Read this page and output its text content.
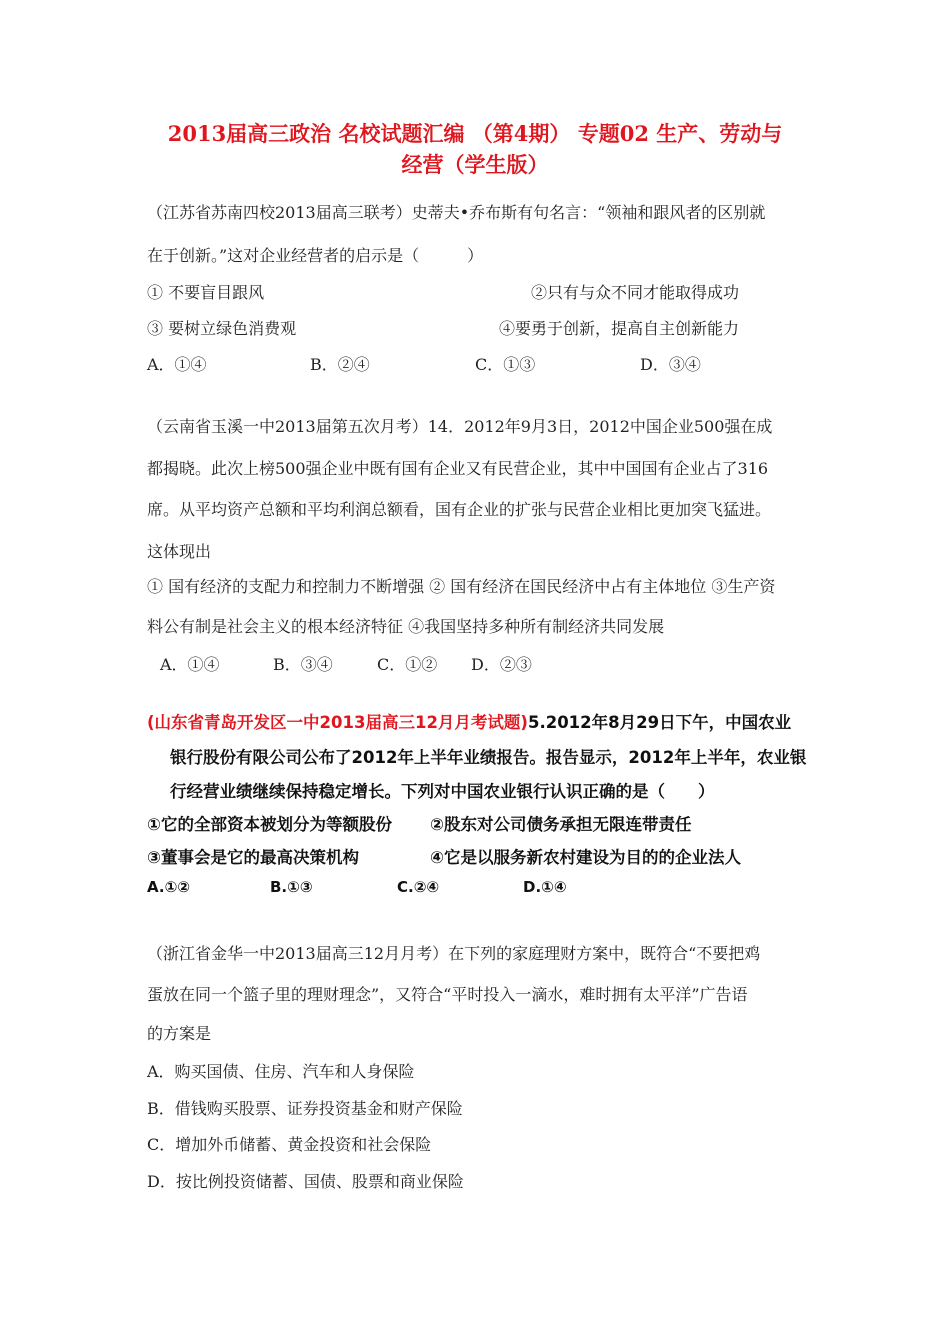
2013届高三政治 名校试题汇编 （第4期） 专题02 生产、劳动与
经营（学生版）
（江苏省苏南四校2013届高三联考）史蒂夫•乔布斯有句名言：“领袖和跟风者的区别就
在于创新。”这对企业经营者的启示是（　　　）
① 不要盲目跟风	②只有与众不同才能取得成功
③ 要树立绿色消费观	④要勇于创新，提高自主创新能力
A．①④	B．②④	C．①③	D．③④
（云南省玉溪一中2013届第五次月考）14．2012年9月3日，2012中国企业500强在成
都揭晓。此次上榜500强企业中既有国有企业又有民营企业，其中中国国有企业占了316
席。从平均资产总额和平均利润总额看，国有企业的扩张与民营企业相比更加突飞猛进。
这体现出
① 国有经济的支配力和控制力不断增强 ② 国有经济在国民经济中占有主体地位 ③生产资
料公有制是社会主义的根本经济特征 ④我国坚持多种所有制经济共同发展
A．①④	B．③④	C．①② D．②③
(山东省青岛开发区一中2013届高三12月月考试题)5.2012年8月29日下午，中国农业
银行股份有限公司公布了2012年上半年业绩报告。报告显示，2012年上半年，农业银
行经营业绩继续保持稳定增长。下列对中国农业银行认识正确的是（　　）
①它的全部资本被划分为等额股份 ②股东对公司债务承担无限连带责任
③董事会是它的最高决策机构	④它是以服务新农村建设为目的的企业法人
A.①②	B.①③	C.②④	D.①④
（浙江省金华一中2013届高三12月月考）在下列的家庭理财方案中，既符合“不要把鸡
蛋放在同一个篮子里的理财理念”，又符合“平时投入一滴水，难时拥有太平洋”广告语
的方案是
A．购买国债、住房、汽车和人身保险
B．借钱购买股票、证券投资基金和财产保险
C．增加外币储蓄、黄金投资和社会保险
D．按比例投资储蓄、国债、股票和商业保险
